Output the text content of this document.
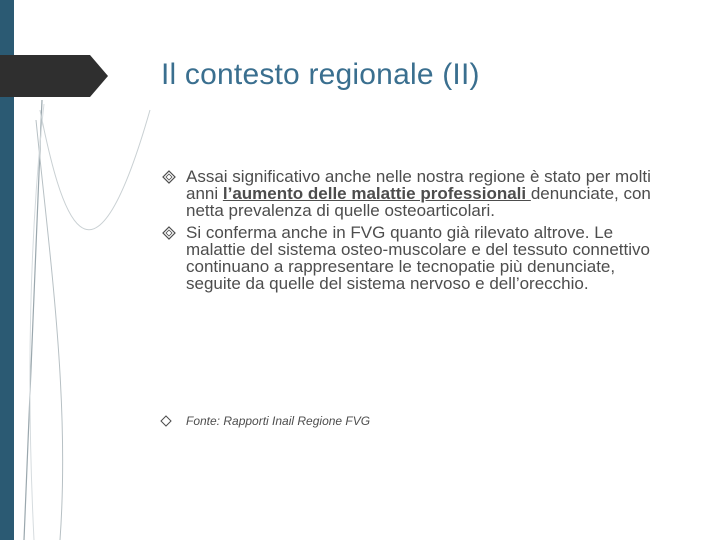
Il contesto regionale (II)
Assai significativo anche nelle nostra regione è stato per molti anni l’aumento delle malattie professionali denunciate, con netta prevalenza di quelle osteoarticolari.
Si conferma anche in FVG quanto già rilevato altrove. Le malattie del sistema osteo-muscolare e del tessuto connettivo continuano a rappresentare le tecnopatie più denunciate, seguite da quelle del sistema nervoso e dell’orecchio.
Fonte: Rapporti Inail Regione FVG
